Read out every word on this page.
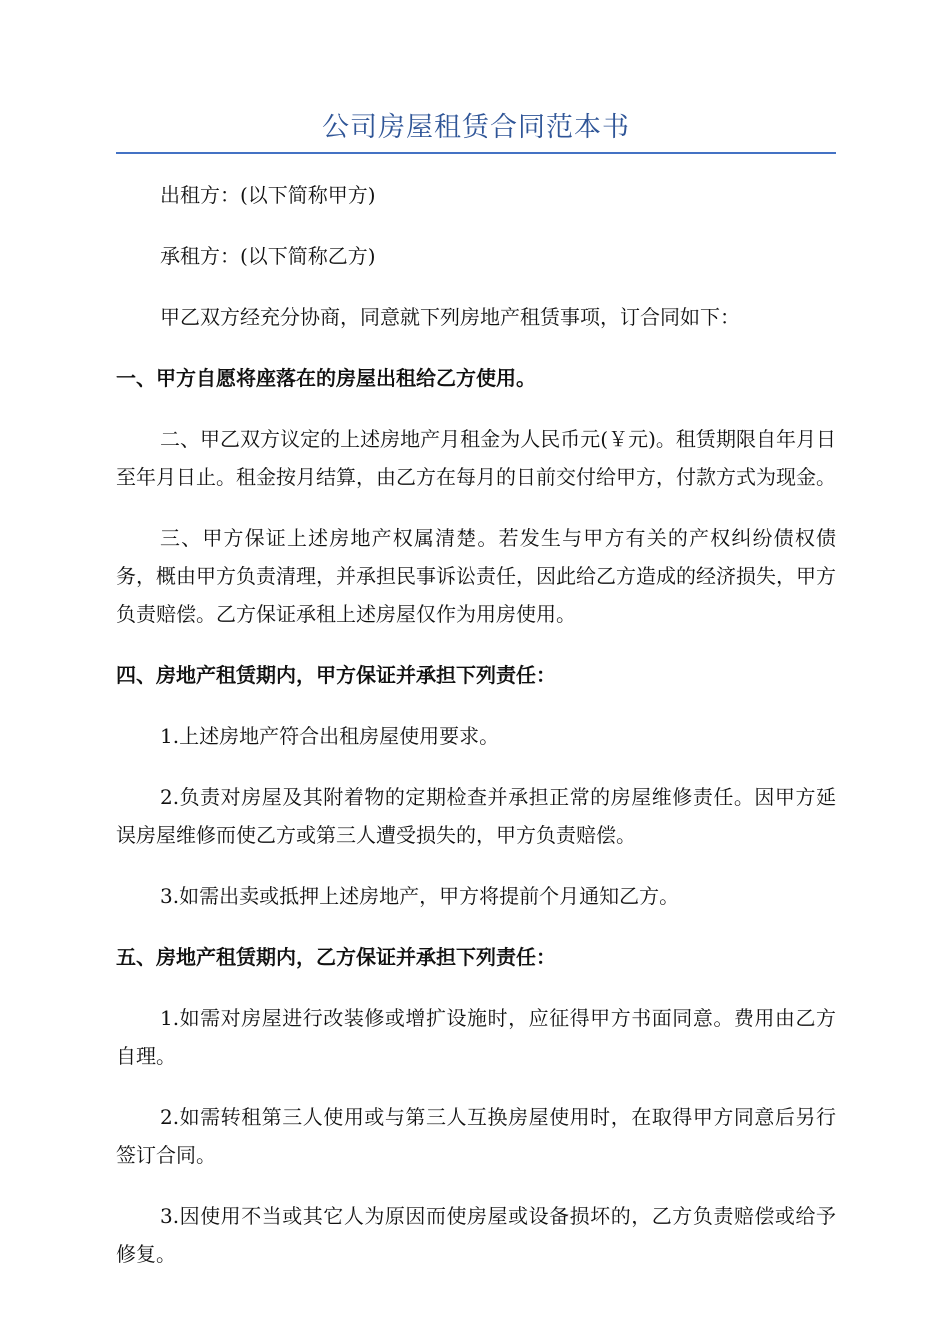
公司房屋租赁合同范本书

出租方：(以下简称甲方)

承租方：(以下简称乙方)

甲乙双方经充分协商，同意就下列房地产租赁事项，订合同如下：

一、甲方自愿将座落在的房屋出租给乙方使用。

二、甲乙双方议定的上述房地产月租金为人民币元(￥元)。租赁期限自年月日至年月日止。租金按月结算，由乙方在每月的日前交付给甲方，付款方式为现金。

三、甲方保证上述房地产权属清楚。若发生与甲方有关的产权纠纷债权债务，概由甲方负责清理，并承担民事诉讼责任，因此给乙方造成的经济损失，甲方负责赔偿。乙方保证承租上述房屋仅作为用房使用。

四、房地产租赁期内，甲方保证并承担下列责任：

1.上述房地产符合出租房屋使用要求。

2.负责对房屋及其附着物的定期检查并承担正常的房屋维修责任。因甲方延误房屋维修而使乙方或第三人遭受损失的，甲方负责赔偿。

3.如需出卖或抵押上述房地产，甲方将提前个月通知乙方。

五、房地产租赁期内，乙方保证并承担下列责任：

1.如需对房屋进行改装修或增扩设施时，应征得甲方书面同意。费用由乙方自理。

2.如需转租第三人使用或与第三人互换房屋使用时，在取得甲方同意后另行签订合同。

3.因使用不当或其它人为原因而使房屋或设备损坏的，乙方负责赔偿或给予修复。
